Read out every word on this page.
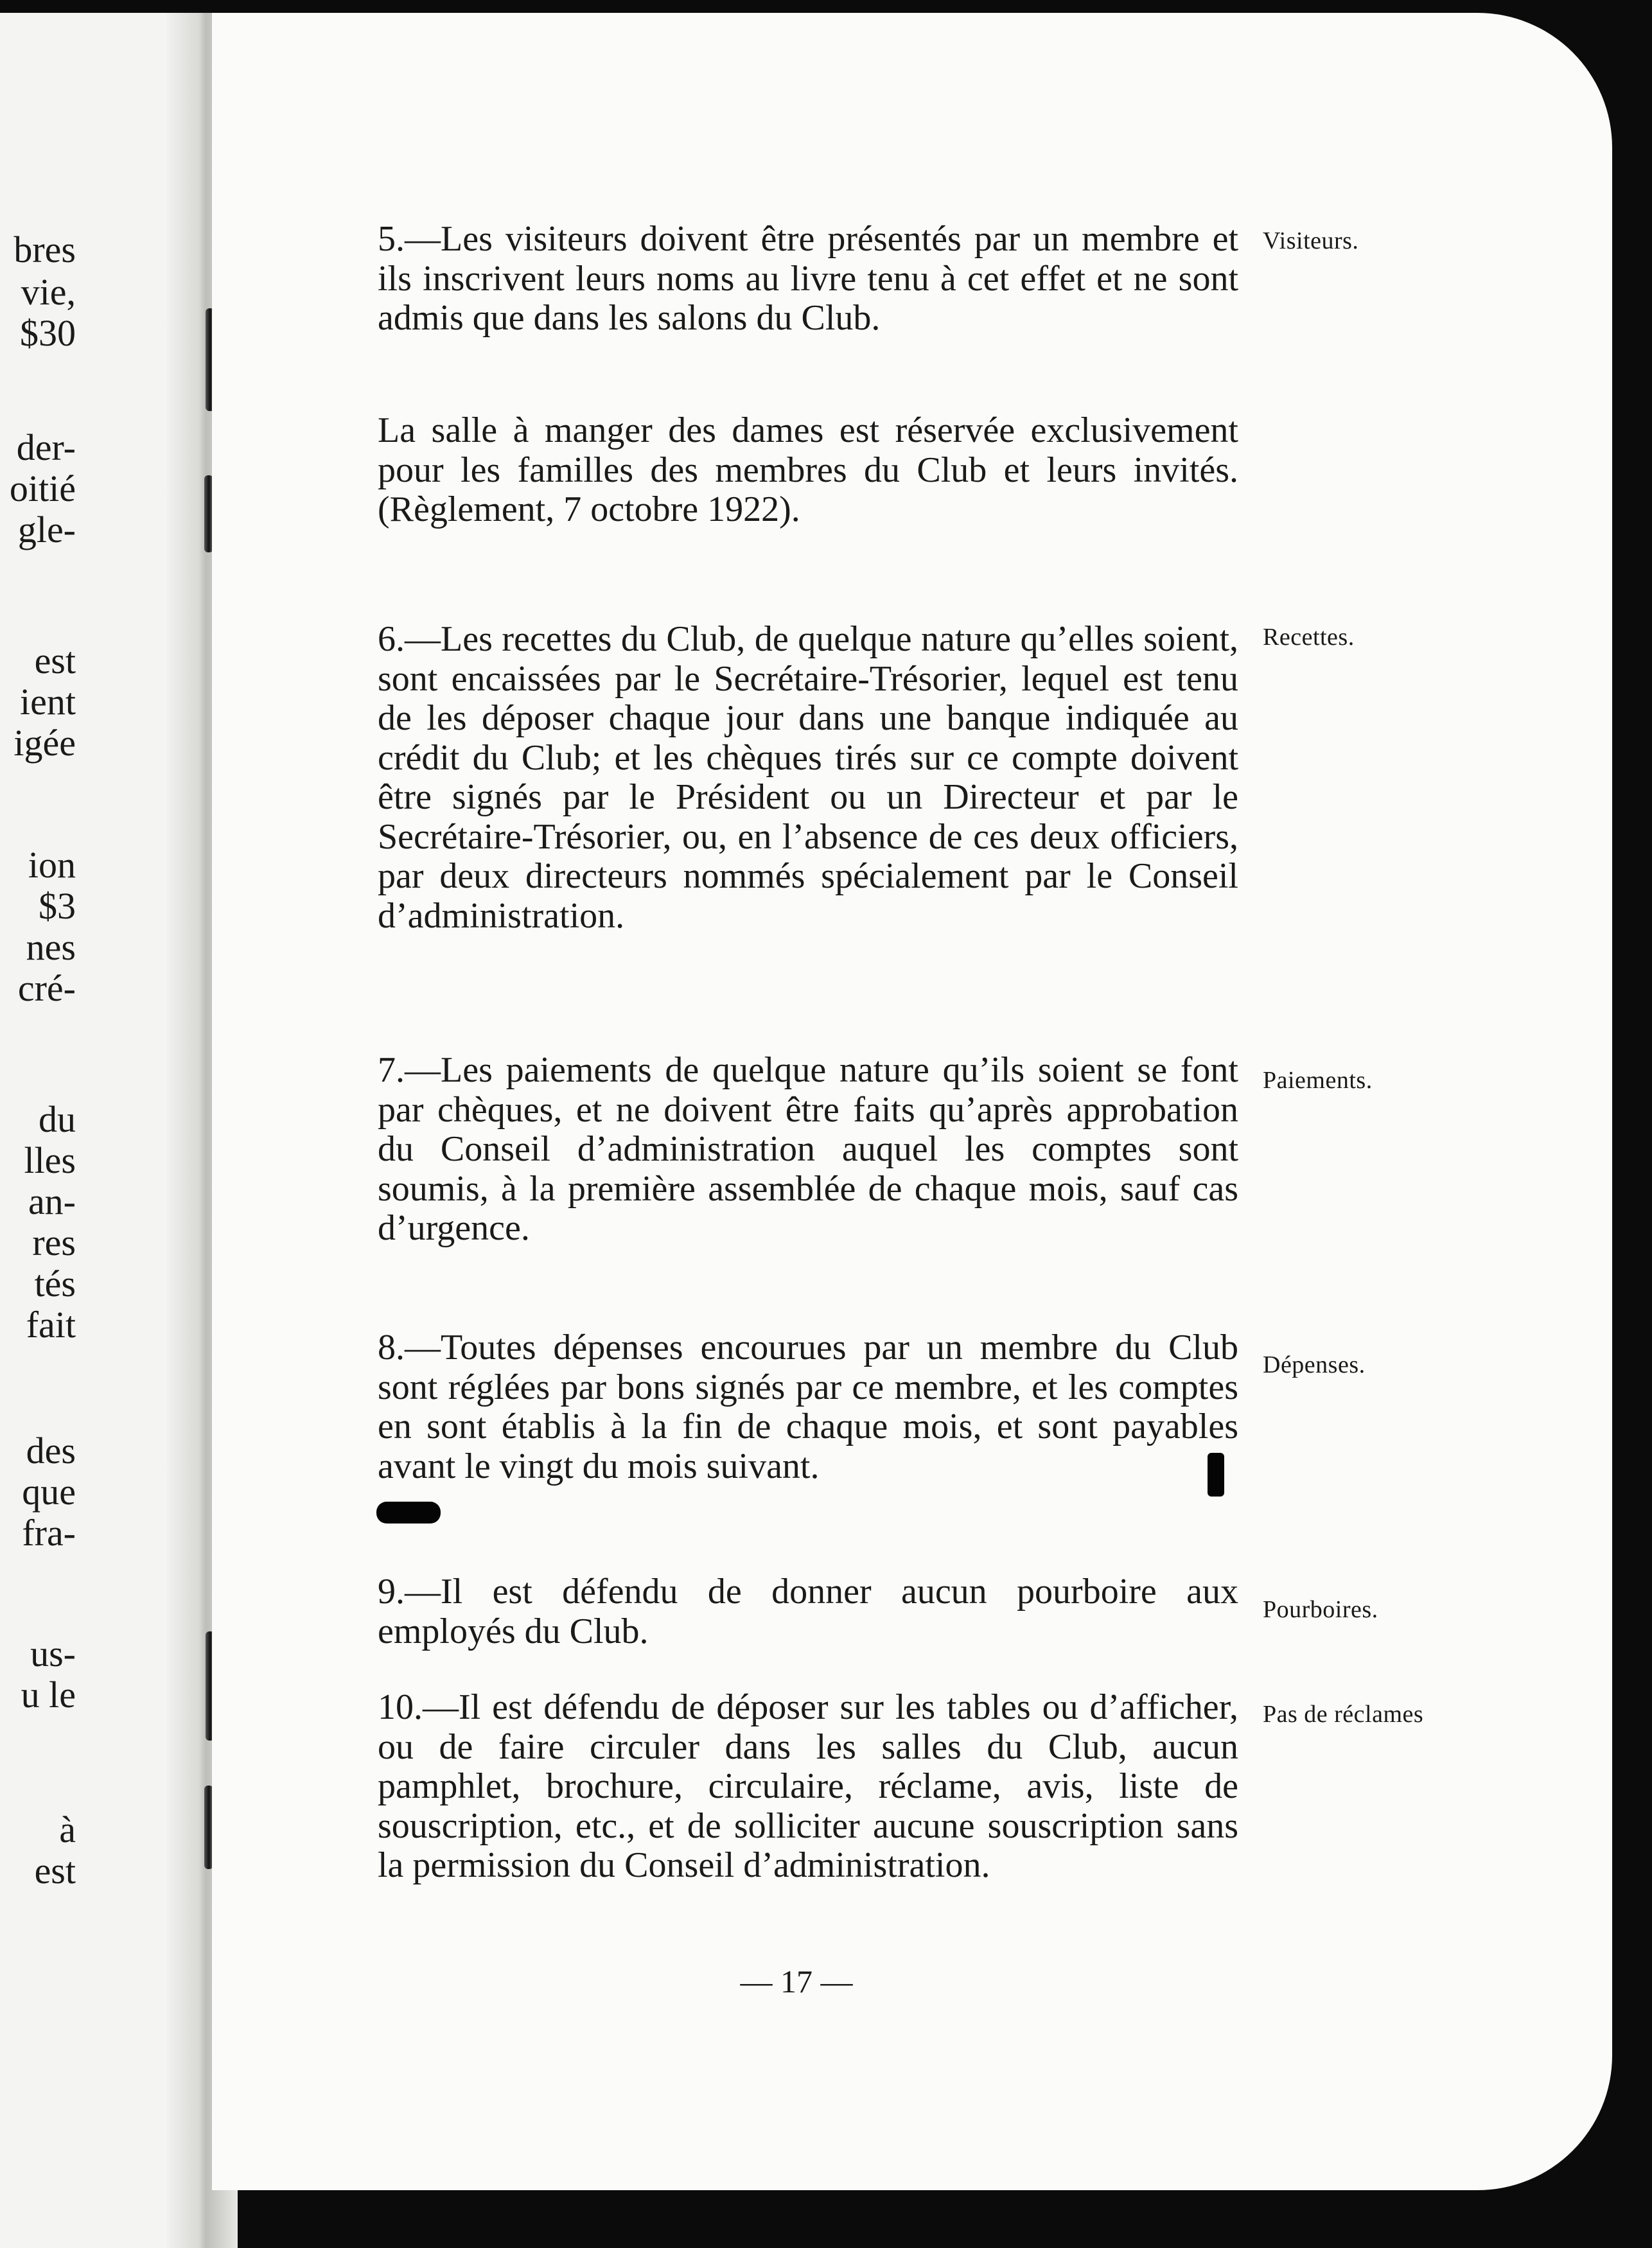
bres
vie,
$30
der-
oitié
gle-
est
ient
igée
ion
$3
nes
cré-
du
lles
an-
res
tés
fait
des
que
fra-
us-
u le
à
est

5.—Les visiteurs doivent être présentés par un membre et ils inscrivent leurs noms au livre tenu à cet effet et ne sont admis que dans les salons du Club.

La salle à manger des dames est réservée exclusivement pour les familles des membres du Club et leurs invités. (Règlement, 7 octobre 1922).

6.—Les recettes du Club, de quelque nature qu’elles soient, sont encaissées par le Secrétaire-Trésorier, lequel est tenu de les déposer chaque jour dans une banque indiquée au crédit du Club; et les chèques tirés sur ce compte doivent être signés par le Président ou un Directeur et par le Secrétaire-Trésorier, ou, en l’absence de ces deux officiers, par deux directeurs nommés spécialement par le Conseil d’administration.

7.—Les paiements de quelque nature qu’ils soient se font par chèques, et ne doivent être faits qu’après approbation du Conseil d’administration auquel les comptes sont soumis, à la première assemblée de chaque mois, sauf cas d’urgence.

8.—Toutes dépenses encourues par un membre du Club sont réglées par bons signés par ce membre, et les comptes en sont établis à la fin de chaque mois, et sont payables avant le vingt du mois suivant.

9.—Il est défendu de donner aucun pourboire aux employés du Club.

10.—Il est défendu de déposer sur les tables ou d’afficher, ou de faire circuler dans les salles du Club, aucun pamphlet, brochure, circulaire, réclame, avis, liste de souscription, etc., et de solliciter aucune souscription sans la permission du Conseil d’administration.

Visiteurs.
Recettes.
Paiements.
Dépenses.
Pourboires.
Pas de réclames
— 17 —
